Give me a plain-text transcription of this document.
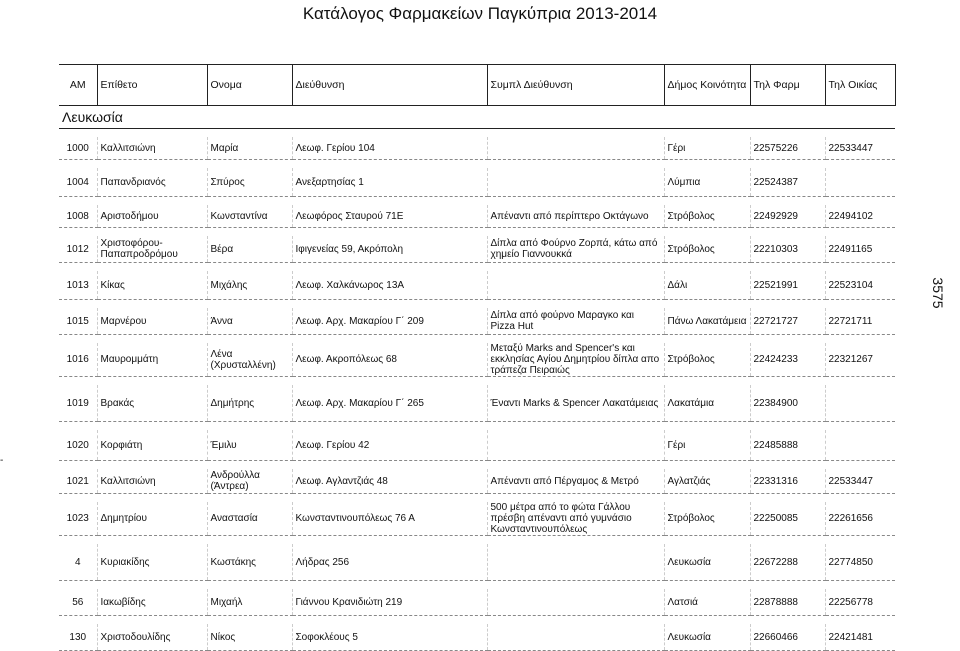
Κατάλογος Φαρμακείων Παγκύπρια 2013-2014
ΑΜ	Επίθετο	Ονομα	Διεύθυνση	Συμπλ Διεύθυνση	Δήμος Κοινότητα	Τηλ Φαρμ	Τηλ Οικίας
Λευκωσία							

1000	Καλλιτσιώνη	Μαρία	Λεωφ. Γερίου 104		Γέρι	22575226	22533447

1004	Παπανδριανός	Σπύρος	Ανεξαρτησίας 1		Λύμπια	22524387	

1008	Αριστοδήμου	Κωνσταντίνα	Λεωφόρος Σταυρού 71Ε	Απέναντι από περίπτερο Οκτάγωνο	Στρόβολος	22492929	22494102

1012	Χριστοφόρου-Παπαπροδρόμου	Βέρα	Ιφιγενείας 59, Ακρόπολη	Δίπλα από Φούρνο Ζορπά, κάτω από χημείο Γιαννουκκά	Στρόβολος	22210303	22491165

1013	Κίκας	Μιχάλης	Λεωφ. Χαλκάνωρος 13Α		Δάλι	22521991	22523104

1015	Μαρνέρου	Άννα	Λεωφ. Αρχ. Μακαρίου Γ΄ 209	Δίπλα από φούρνο Μαραγκο και Pizza Hut	Πάνω Λακατάμεια	22721727	22721711

1016	Μαυρομμάτη	Λένα (Χρυσταλλένη)	Λεωφ. Ακροπόλεως 68	Μεταξύ Marks and Spencer's και εκκλησίας Αγίου Δημητρίου δίπλα απο τράπεζα Πειραιώς	Στρόβολος	22424233	22321267

1019	Βρακάς	Δημήτρης	Λεωφ. Αρχ. Μακαρίου Γ΄ 265	Έναντι Marks & Spencer Λακατάμειας	Λακατάμια	22384900	

1020	Κορφιάτη	Έμιλυ	Λεωφ. Γερίου 42		Γέρι	22485888	

1021	Καλλιτσιώνη	Ανδρούλλα (Άντρεα)	Λεωφ. Αγλαντζιάς 48	Απέναντι από Πέργαμος & Μετρό	Αγλατζιάς	22331316	22533447

1023	Δημητρίου	Αναστασία	Κωνσταντινουπόλεως 76 Α	500 μέτρα από το φώτα Γάλλου πρέσβη απέναντι από γυμνάσιο Κωνσταντινουπόλεως	Στρόβολος	22250085	22261656

4	Κυριακίδης	Κωστάκης	Λήδρας 256		Λευκωσία	22672288	22774850

56	Ιακωβίδης	Μιχαήλ	Γιάννου Κρανιδιώτη 219		Λατσιά	22878888	22256778

130	Χριστοδουλίδης	Νίκος	Σοφοκλέους 5		Λευκωσία	22660466	22421481
3575
-
